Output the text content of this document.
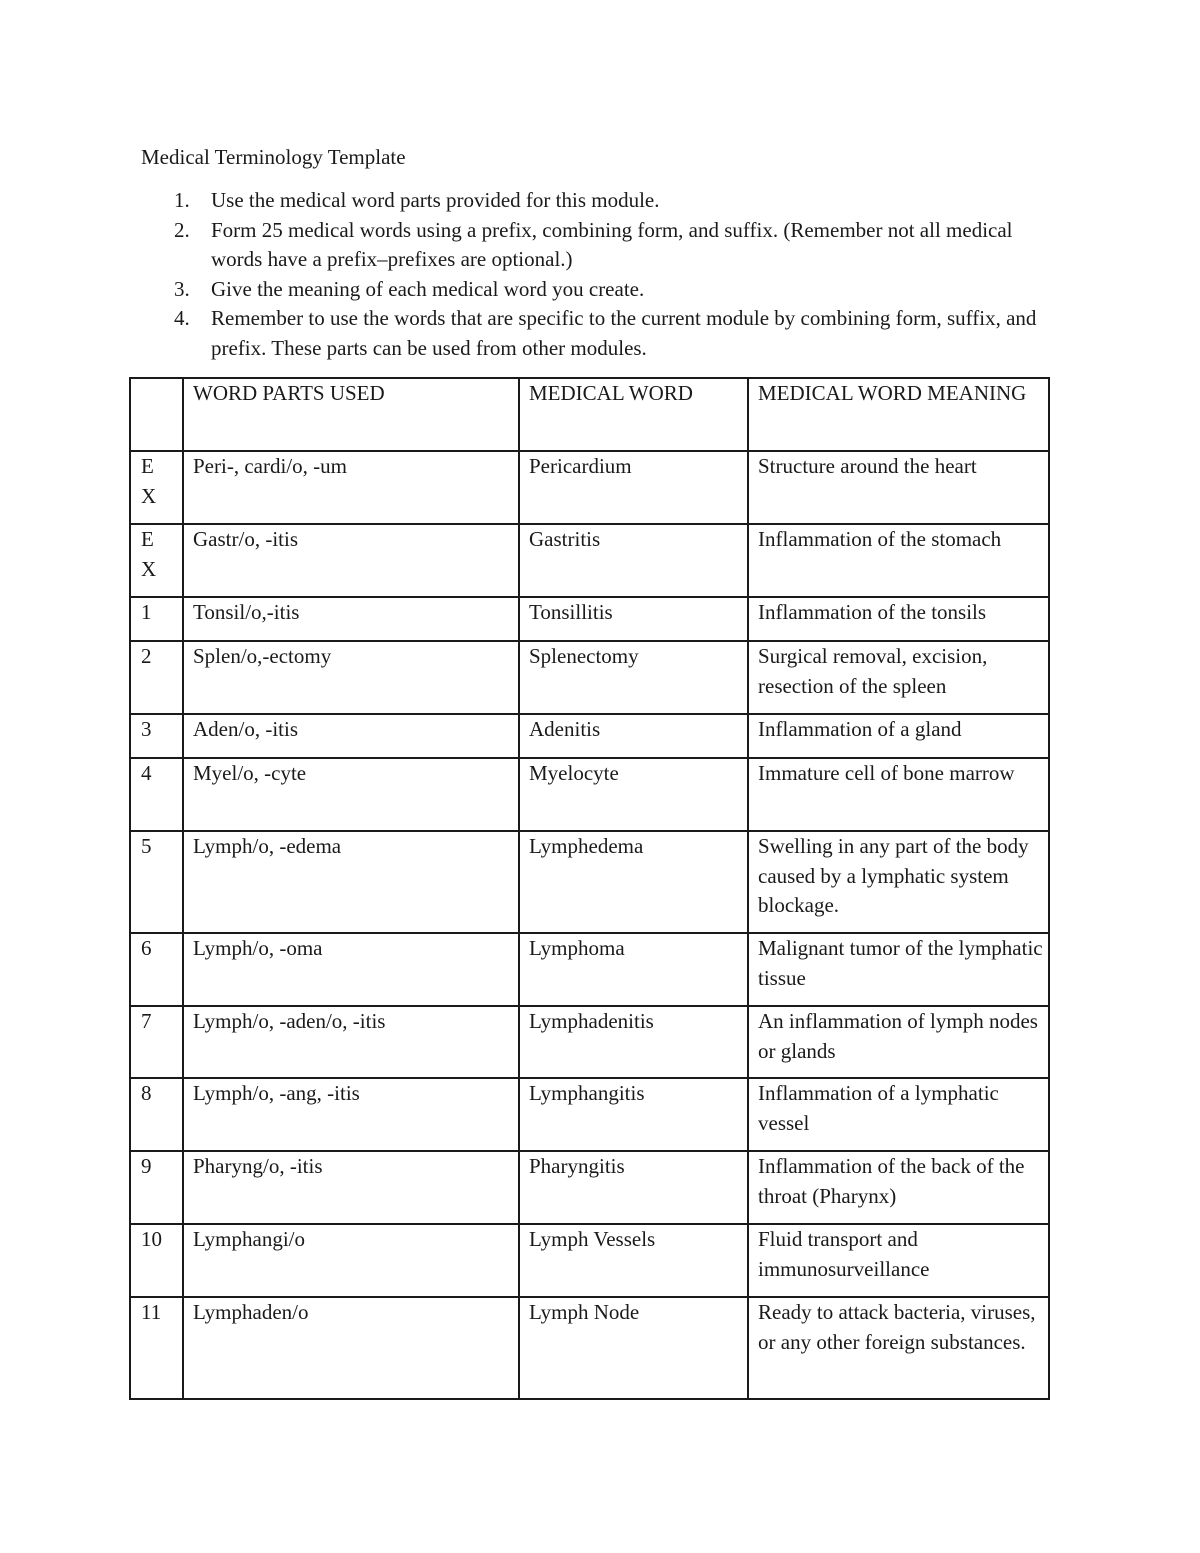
Medical Terminology Template
1.	Use the medical word parts provided for this module.
2.	Form 25 medical words using a prefix, combining form, and suffix. (Remember not all medical words have a prefix–prefixes are optional.)
3.	Give the meaning of each medical word you create.
4.	Remember to use the words that are specific to the current module by combining form, suffix, and prefix. These parts can be used from other modules.
	WORD PARTS USED	MEDICAL WORD	MEDICAL WORD MEANING
EX	Peri-, cardi/o, -um	Pericardium	Structure around the heart
EX	Gastr/o, -itis	Gastritis	Inflammation of the stomach
1	Tonsil/o,-itis	Tonsillitis	Inflammation of the tonsils
2	Splen/o,-ectomy	Splenectomy	Surgical removal, excision, resection of the spleen
3	Aden/o, -itis	Adenitis	Inflammation of a gland
4	Myel/o, -cyte	Myelocyte	Immature cell of bone marrow
5	Lymph/o, -edema	Lymphedema	Swelling in any part of the body caused by a lymphatic system blockage.
6	Lymph/o, -oma	Lymphoma	Malignant tumor of the lymphatic tissue
7	Lymph/o, -aden/o, -itis	Lymphadenitis	An inflammation of lymph nodes or glands
8	Lymph/o, -ang, -itis	Lymphangitis	Inflammation of a lymphatic vessel
9	Pharyng/o, -itis	Pharyngitis	Inflammation of the back of the throat (Pharynx)
10	Lymphangi/o	Lymph Vessels	Fluid transport and immunosurveillance
11	Lymphaden/o	Lymph Node	Ready to attack bacteria, viruses, or any other foreign substances.
